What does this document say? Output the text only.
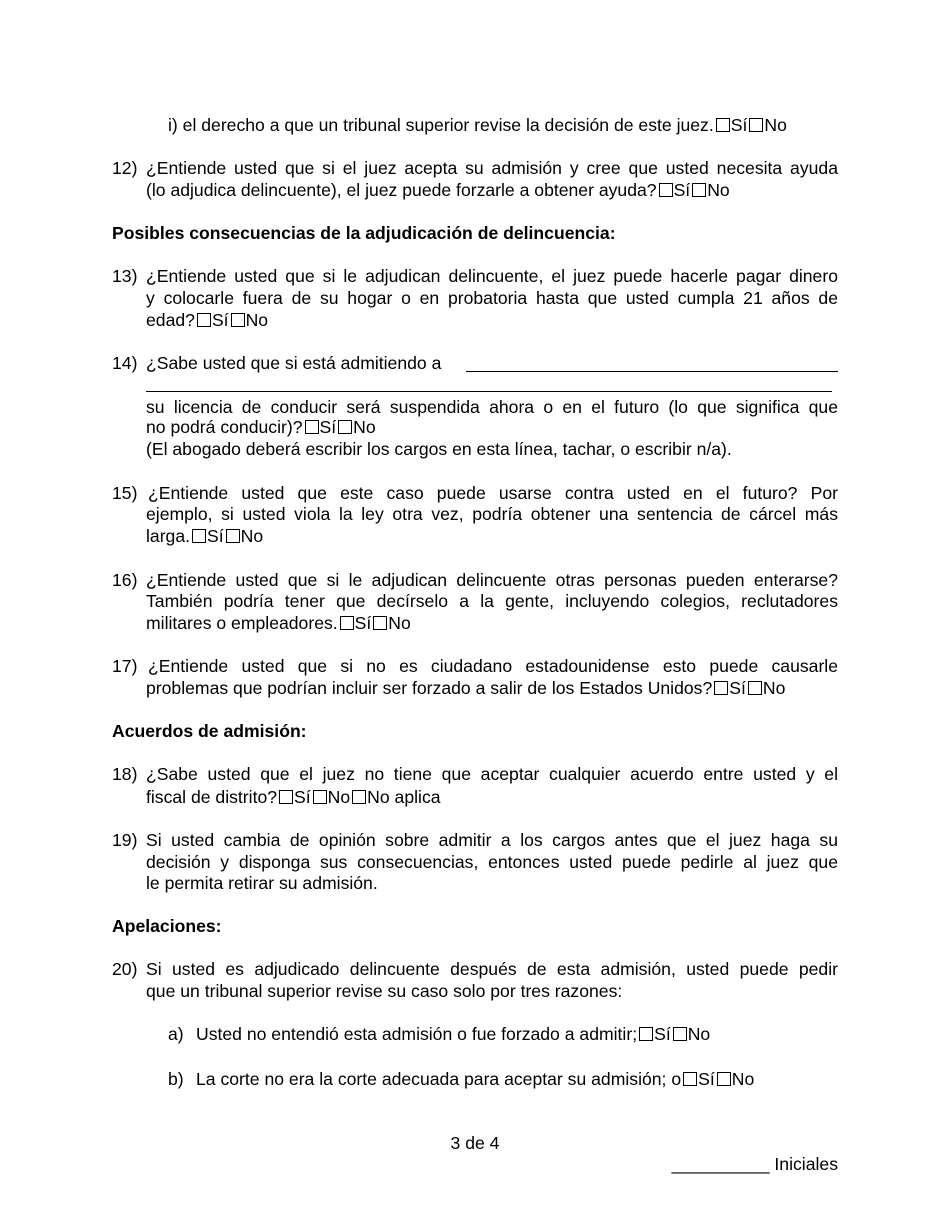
i) el derecho a que un tribunal superior revise la decisión de este juez. Sí No
12) ¿Entiende usted que si el juez acepta su admisión y cree que usted necesita ayuda
(lo adjudica delincuente), el juez puede forzarle a obtener ayuda? Sí No
Posibles consecuencias de la adjudicación de delincuencia:
13) ¿Entiende usted que si le adjudican delincuente, el juez puede hacerle pagar dinero
y colocarle fuera de su hogar o en probatoria hasta que usted cumpla 21 años de
edad? Sí No
14) ¿Sabe usted que si está admitiendo a
su licencia de conducir será suspendida ahora o en el futuro (lo que significa que
no podrá conducir)? Sí No
(El abogado deberá escribir los cargos en esta línea, tachar, o escribir n/a).
15) ¿Entiende usted que este caso puede usarse contra usted en el futuro? Por
ejemplo, si usted viola la ley otra vez, podría obtener una sentencia de cárcel más
larga. Sí No
16) ¿Entiende usted que si le adjudican delincuente otras personas pueden enterarse?
También podría tener que decírselo a la gente, incluyendo colegios, reclutadores
militares o empleadores. Sí No
17) ¿Entiende usted que si no es ciudadano estadounidense esto puede causarle
problemas que podrían incluir ser forzado a salir de los Estados Unidos? Sí No
Acuerdos de admisión:
18) ¿Sabe usted que el juez no tiene que aceptar cualquier acuerdo entre usted y el
fiscal de distrito? Sí No No aplica
19) Si usted cambia de opinión sobre admitir a los cargos antes que el juez haga su
decisión y disponga sus consecuencias, entonces usted puede pedirle al juez que
le permita retirar su admisión.
Apelaciones:
20) Si usted es adjudicado delincuente después de esta admisión, usted puede pedir
que un tribunal superior revise su caso solo por tres razones:
a) Usted no entendió esta admisión o fue forzado a admitir; Sí No
b) La corte no era la corte adecuada para aceptar su admisión; o Sí No
3 de 4
__________ Iniciales
